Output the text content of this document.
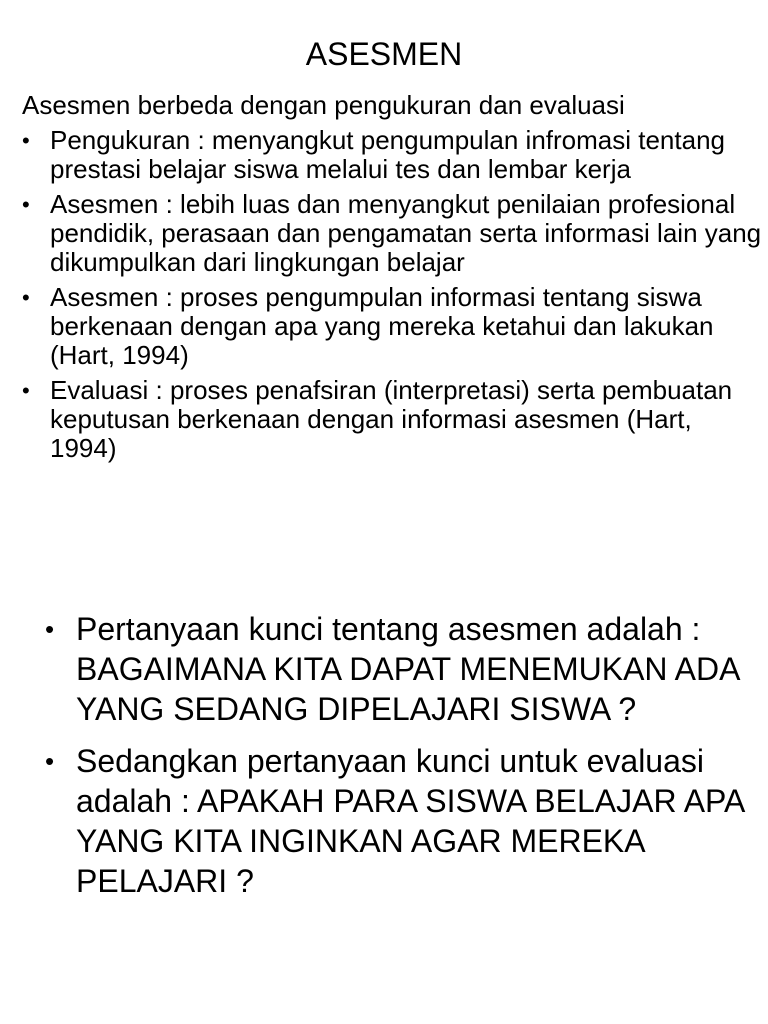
ASESMEN
Asesmen berbeda dengan pengukuran dan evaluasi
• Pengukuran : menyangkut pengumpulan infromasi tentang prestasi belajar siswa melalui tes dan lembar kerja
• Asesmen : lebih luas dan menyangkut penilaian profesional pendidik, perasaan dan pengamatan serta informasi lain yang dikumpulkan dari lingkungan belajar
• Asesmen : proses pengumpulan informasi tentang siswa berkenaan dengan apa yang mereka ketahui dan lakukan (Hart, 1994)
• Evaluasi : proses penafsiran (interpretasi) serta pembuatan keputusan berkenaan dengan informasi asesmen (Hart, 1994)
• Pertanyaan kunci tentang asesmen adalah : BAGAIMANA KITA DAPAT MENEMUKAN ADA YANG SEDANG DIPELAJARI SISWA ?
• Sedangkan pertanyaan kunci untuk evaluasi adalah : APAKAH PARA SISWA BELAJAR APA YANG KITA INGINKAN AGAR MEREKA PELAJARI ?
